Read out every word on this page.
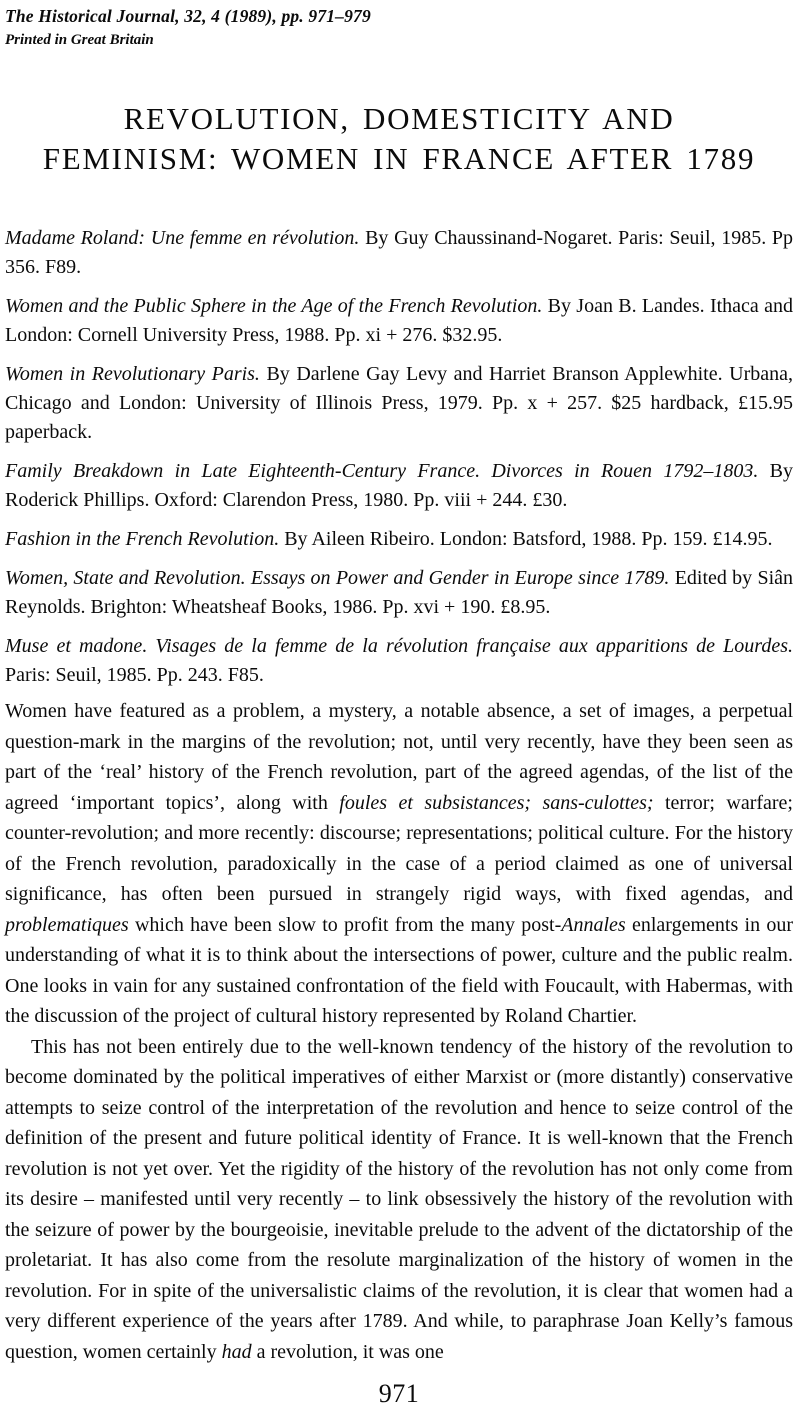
The Historical Journal, 32, 4 (1989), pp. 971–979
Printed in Great Britain
REVOLUTION, DOMESTICITY AND
FEMINISM: WOMEN IN FRANCE AFTER 1789

Madame Roland: Une femme en révolution. By Guy Chaussinand-Nogaret. Paris: Seuil, 1985. Pp 356. F89.

Women and the Public Sphere in the Age of the French Revolution. By Joan B. Landes. Ithaca and London: Cornell University Press, 1988. Pp. xi + 276. $32.95.

Women in Revolutionary Paris. By Darlene Gay Levy and Harriet Branson Applewhite. Urbana, Chicago and London: University of Illinois Press, 1979. Pp. x + 257. $25 hardback, £15.95 paperback.

Family Breakdown in Late Eighteenth-Century France. Divorces in Rouen 1792–1803. By Roderick Phillips. Oxford: Clarendon Press, 1980. Pp. viii + 244. £30.

Fashion in the French Revolution. By Aileen Ribeiro. London: Batsford, 1988. Pp. 159. £14.95.

Women, State and Revolution. Essays on Power and Gender in Europe since 1789. Edited by Siân Reynolds. Brighton: Wheatsheaf Books, 1986. Pp. xvi + 190. £8.95.

Muse et madone. Visages de la femme de la révolution française aux apparitions de Lourdes. Paris: Seuil, 1985. Pp. 243. F85.

Women have featured as a problem, a mystery, a notable absence, a set of images, a perpetual question-mark in the margins of the revolution; not, until very recently, have they been seen as part of the ‘real’ history of the French revolution, part of the agreed agendas, of the list of the agreed ‘important topics’, along with foules et subsistances; sans-culottes; terror; warfare; counter-revolution; and more recently: discourse; representations; political culture. For the history of the French revolution, paradoxically in the case of a period claimed as one of universal significance, has often been pursued in strangely rigid ways, with fixed agendas, and problematiques which have been slow to profit from the many post-Annales enlargements in our understanding of what it is to think about the intersections of power, culture and the public realm. One looks in vain for any sustained confrontation of the field with Foucault, with Habermas, with the discussion of the project of cultural history represented by Roland Chartier.

This has not been entirely due to the well-known tendency of the history of the revolution to become dominated by the political imperatives of either Marxist or (more distantly) conservative attempts to seize control of the interpretation of the revolution and hence to seize control of the definition of the present and future political identity of France. It is well-known that the French revolution is not yet over. Yet the rigidity of the history of the revolution has not only come from its desire – manifested until very recently – to link obsessively the history of the revolution with the seizure of power by the bourgeoisie, inevitable prelude to the advent of the dictatorship of the proletariat. It has also come from the resolute marginalization of the history of women in the revolution. For in spite of the universalistic claims of the revolution, it is clear that women had a very different experience of the years after 1789. And while, to paraphrase Joan Kelly’s famous question, women certainly had a revolution, it was one

971
